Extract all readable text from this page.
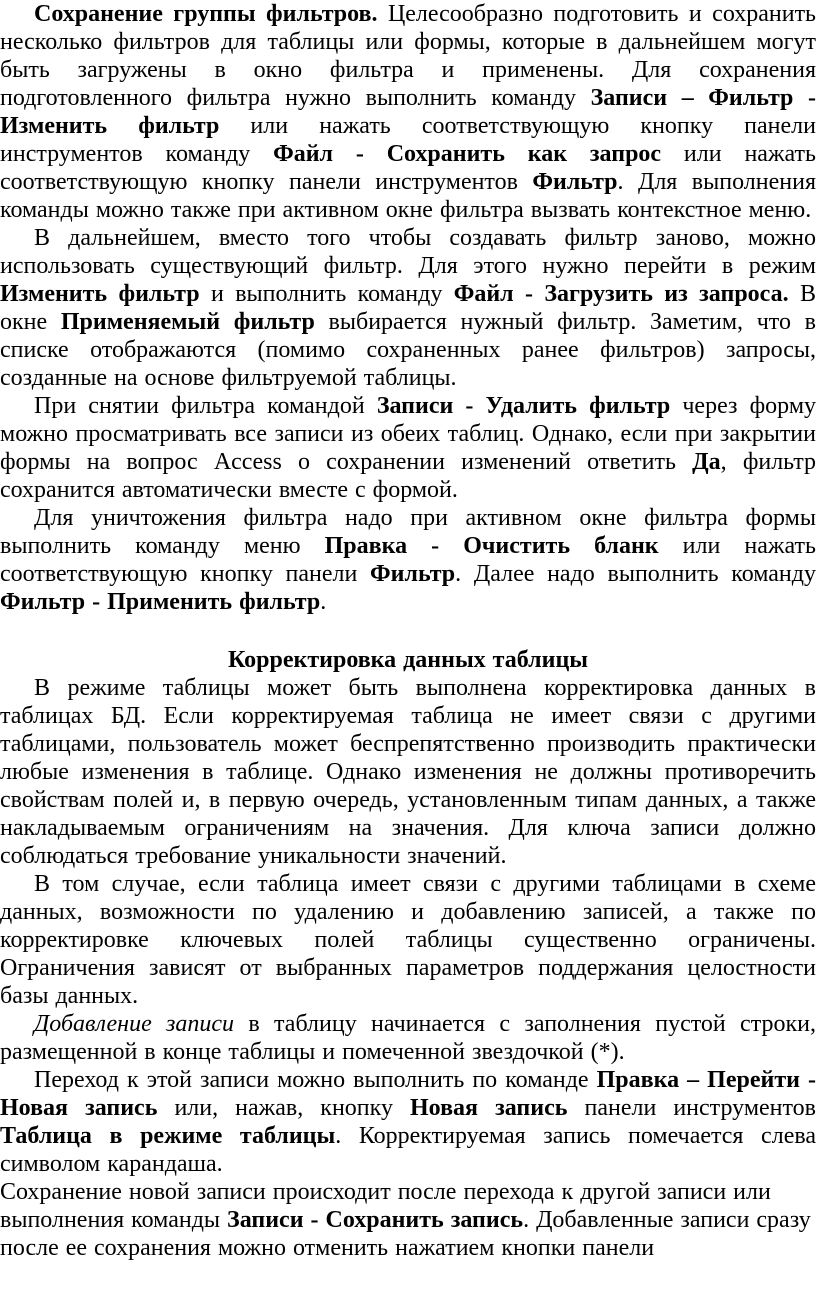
Сохранение группы фильтров. Целесообразно подготовить и сохранить несколько фильтров для таблицы или формы, которые в дальнейшем могут быть загружены в окно фильтра и применены. Для сохранения подготовленного фильтра нужно выполнить команду Записи – Фильтр - Изменить фильтр или нажать соответствующую кнопку панели инструментов команду Файл - Сохранить как запрос или нажать соответствующую кнопку панели инструментов Фильтр. Для выполнения команды можно также при активном окне фильтра вызвать контекстное меню.

В дальнейшем, вместо того чтобы создавать фильтр заново, можно использовать существующий фильтр. Для этого нужно перейти в режим Изменить фильтр и выполнить команду Файл - Загрузить из запроса. В окне Применяемый фильтр выбирается нужный фильтр. Заметим, что в списке отображаются (помимо сохраненных ранее фильтров) запросы, созданные на основе фильтруемой таблицы.

При снятии фильтра командой Записи - Удалить фильтр через форму можно просматривать все записи из обеих таблиц. Однако, если при закрытии формы на вопрос Access о сохранении изменений ответить Да, фильтр сохранится автоматически вместе с формой.

Для уничтожения фильтра надо при активном окне фильтра формы выполнить команду меню Правка - Очистить бланк или нажать соответствующую кнопку панели Фильтр. Далее надо выполнить команду Фильтр - Применить фильтр.

Корректировка данных таблицы

В режиме таблицы может быть выполнена корректировка данных в таблицах БД. Если корректируемая таблица не имеет связи с другими таблицами, пользователь может беспрепятственно производить практически любые изменения в таблице. Однако изменения не должны противоречить свойствам полей и, в первую очередь, установленным типам данных, а также накладываемым ограничениям на значения. Для ключа записи должно соблюдаться требование уникальности значений.

В том случае, если таблица имеет связи с другими таблицами в схеме данных, возможности по удалению и добавлению записей, а также по корректировке ключевых полей таблицы существенно ограничены. Ограничения зависят от выбранных параметров поддержания целостности базы данных.

Добавление записи в таблицу начинается с заполнения пустой строки, размещенной в конце таблицы и помеченной звездочкой (*).

Переход к этой записи можно выполнить по команде Правка – Перейти - Новая запись или, нажав, кнопку Новая запись панели инструментов Таблица в режиме таблицы. Корректируемая запись помечается слева символом карандаша.

Сохранение новой записи происходит после перехода к другой записи или выполнения команды Записи - Сохранить запись. Добавленные записи сразу после ее сохранения можно отменить нажатием кнопки панели
